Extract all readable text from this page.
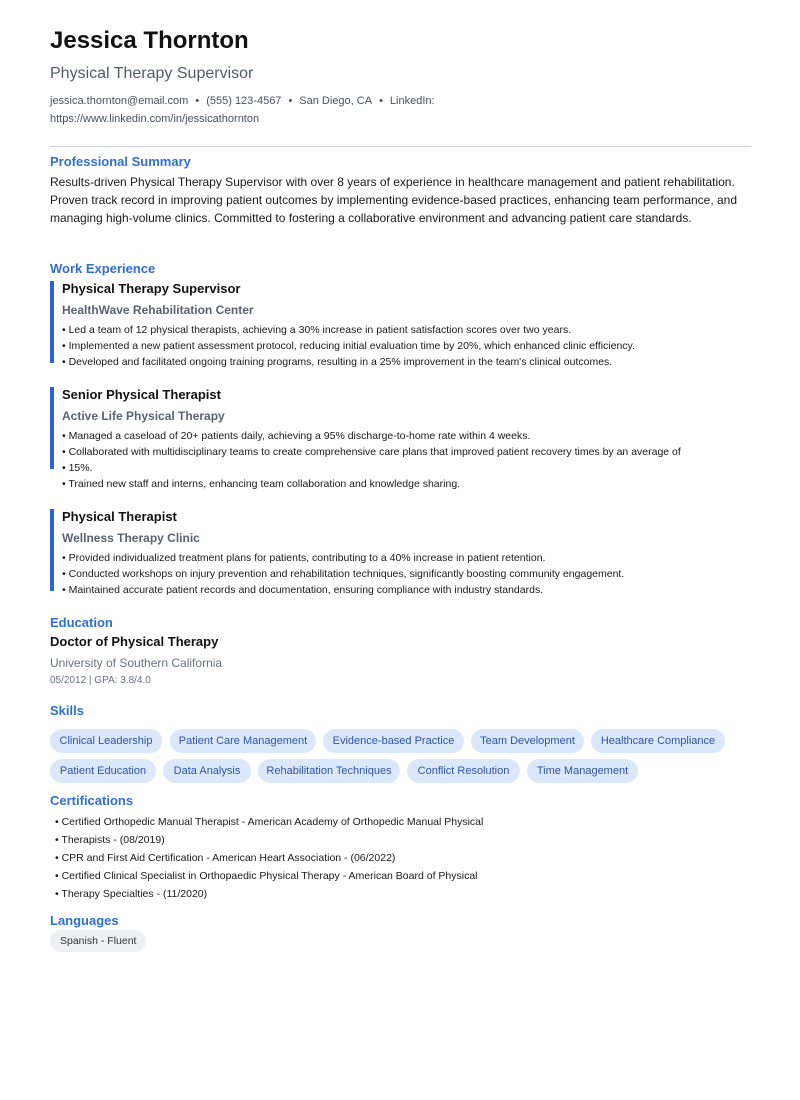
Jessica Thornton
Physical Therapy Supervisor
jessica.thornton@email.com • (555) 123-4567 • San Diego, CA • LinkedIn:
https://www.linkedin.com/in/jessicathornton
Professional Summary
Results-driven Physical Therapy Supervisor with over 8 years of experience in healthcare management and patient rehabilitation. Proven track record in improving patient outcomes by implementing evidence-based practices, enhancing team performance, and managing high-volume clinics. Committed to fostering a collaborative environment and advancing patient care standards.
Work Experience
Physical Therapy Supervisor
HealthWave Rehabilitation Center
• Led a team of 12 physical therapists, achieving a 30% increase in patient satisfaction scores over two years.
• Implemented a new patient assessment protocol, reducing initial evaluation time by 20%, which enhanced clinic efficiency.
• Developed and facilitated ongoing training programs, resulting in a 25% improvement in the team's clinical outcomes.
Senior Physical Therapist
Active Life Physical Therapy
• Managed a caseload of 20+ patients daily, achieving a 95% discharge-to-home rate within 4 weeks.
• Collaborated with multidisciplinary teams to create comprehensive care plans that improved patient recovery times by an average of
• 15%.
• Trained new staff and interns, enhancing team collaboration and knowledge sharing.
Physical Therapist
Wellness Therapy Clinic
• Provided individualized treatment plans for patients, contributing to a 40% increase in patient retention.
• Conducted workshops on injury prevention and rehabilitation techniques, significantly boosting community engagement.
• Maintained accurate patient records and documentation, ensuring compliance with industry standards.
Education
Doctor of Physical Therapy
University of Southern California
05/2012 | GPA: 3.8/4.0
Skills
Clinical Leadership	Patient Care Management	Evidence-based Practice	Team Development	Healthcare Compliance
Patient Education	Data Analysis	Rehabilitation Techniques	Conflict Resolution	Time Management
Certifications
• Certified Orthopedic Manual Therapist - American Academy of Orthopedic Manual Physical
• Therapists - (08/2019)
• CPR and First Aid Certification - American Heart Association - (06/2022)
• Certified Clinical Specialist in Orthopaedic Physical Therapy - American Board of Physical
• Therapy Specialties - (11/2020)
Languages
Spanish - Fluent
